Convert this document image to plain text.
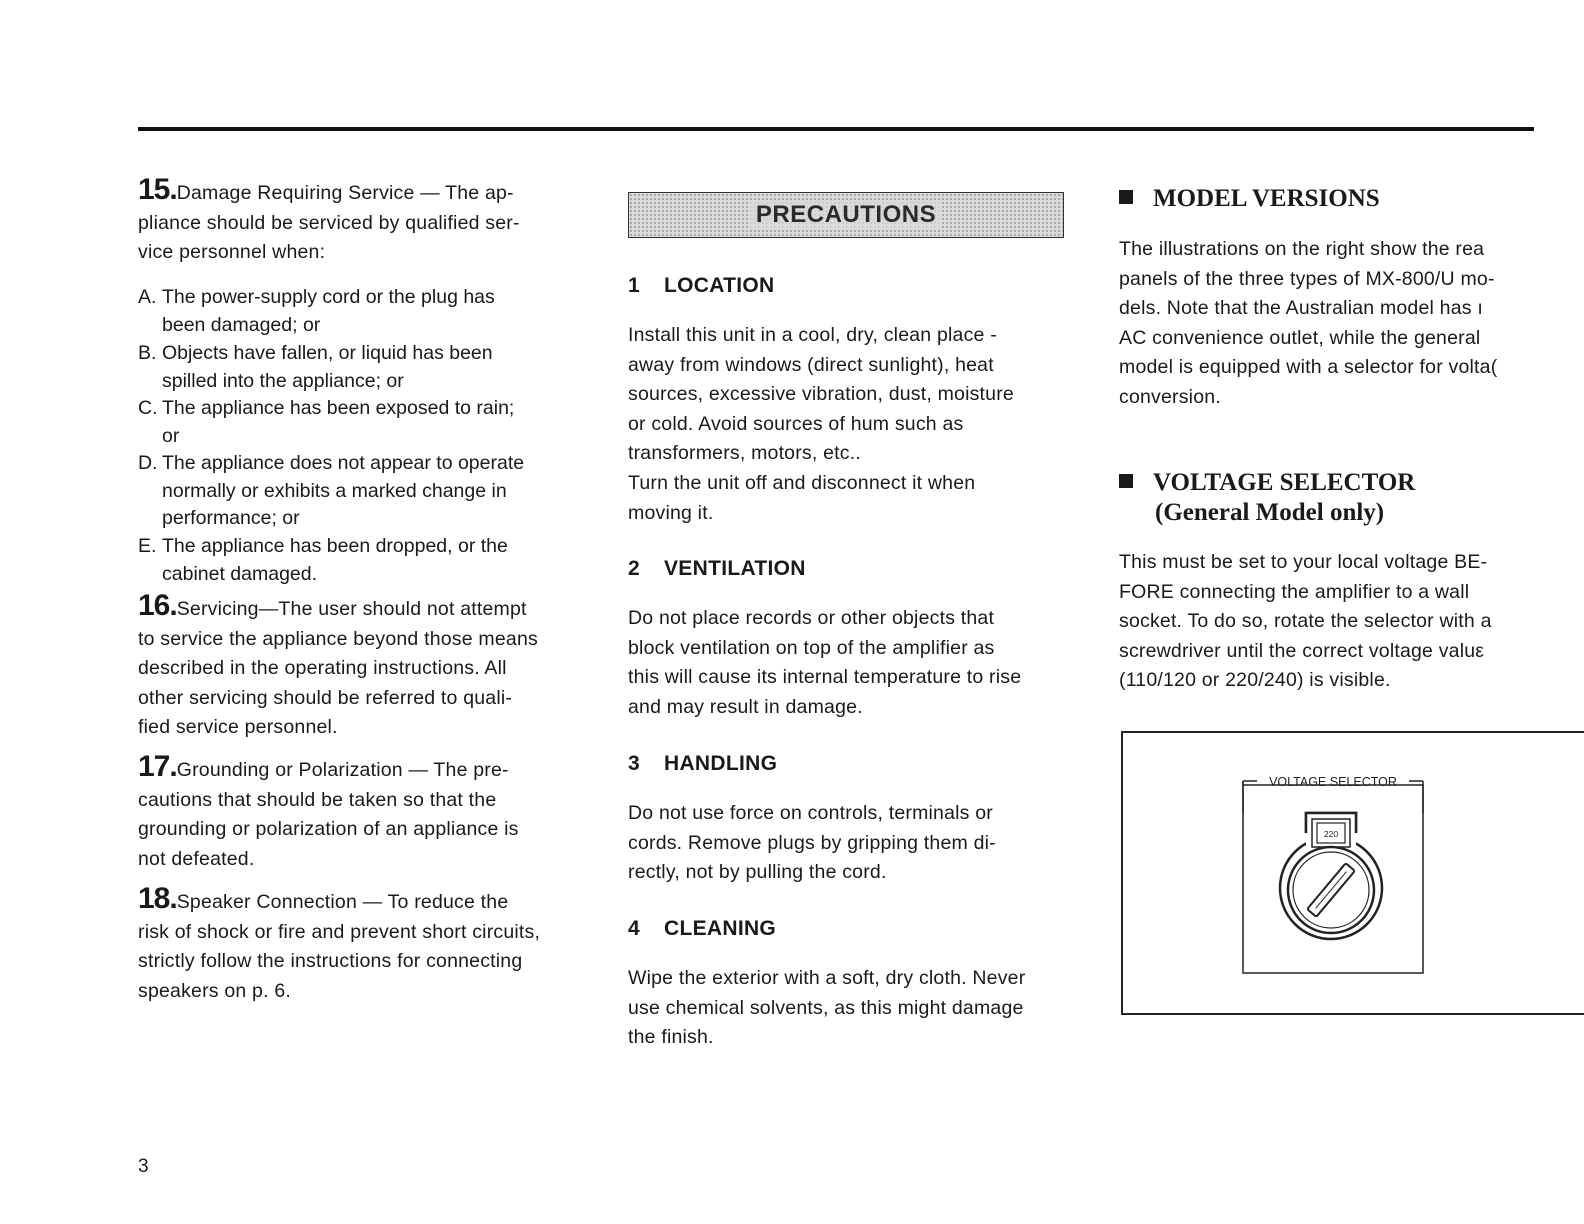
15.Damage Requiring Service — The ap-
pliance should be serviced by qualified ser-
vice personnel when:
A. The power-supply cord or the plug has
been damaged; or
B. Objects have fallen, or liquid has been
spilled into the appliance; or
C. The appliance has been exposed to rain;
or
D. The appliance does not appear to operate
normally or exhibits a marked change in
performance; or
E. The appliance has been dropped, or the
cabinet damaged.
16.Servicing—The user should not attempt
to service the appliance beyond those means
described in the operating instructions. All
other servicing should be referred to quali-
fied service personnel.
17.Grounding or Polarization — The pre-
cautions that should be taken so that the
grounding or polarization of an appliance is
not defeated.
18.Speaker Connection — To reduce the
risk of shock or fire and prevent short circuits,
strictly follow the instructions for connecting
speakers on p. 6.
PRECAUTIONS
1 LOCATION
Install this unit in a cool, dry, clean place -
away from windows (direct sunlight), heat
sources, excessive vibration, dust, moisture
or cold. Avoid sources of hum such as
transformers, motors, etc..
Turn the unit off and disconnect it when
moving it.
2 VENTILATION
Do not place records or other objects that
block ventilation on top of the amplifier as
this will cause its internal temperature to rise
and may result in damage.
3 HANDLING
Do not use force on controls, terminals or
cords. Remove plugs by gripping them di-
rectly, not by pulling the cord.
4 CLEANING
Wipe the exterior with a soft, dry cloth. Never
use chemical solvents, as this might damage
the finish.
MODEL VERSIONS
The illustrations on the right show the rea
panels of the three types of MX-800/U mo-
dels. Note that the Australian model has ı
AC convenience outlet, while the general
model is equipped with a selector for volta(
conversion.
VOLTAGE SELECTOR
(General Model only)
This must be set to your local voltage BE-
FORE connecting the amplifier to a wall
socket. To do so, rotate the selector with a
screwdriver until the correct voltage valuε
(110/120 or 220/240) is visible.
VOLTAGE SELECTOR
220
3
